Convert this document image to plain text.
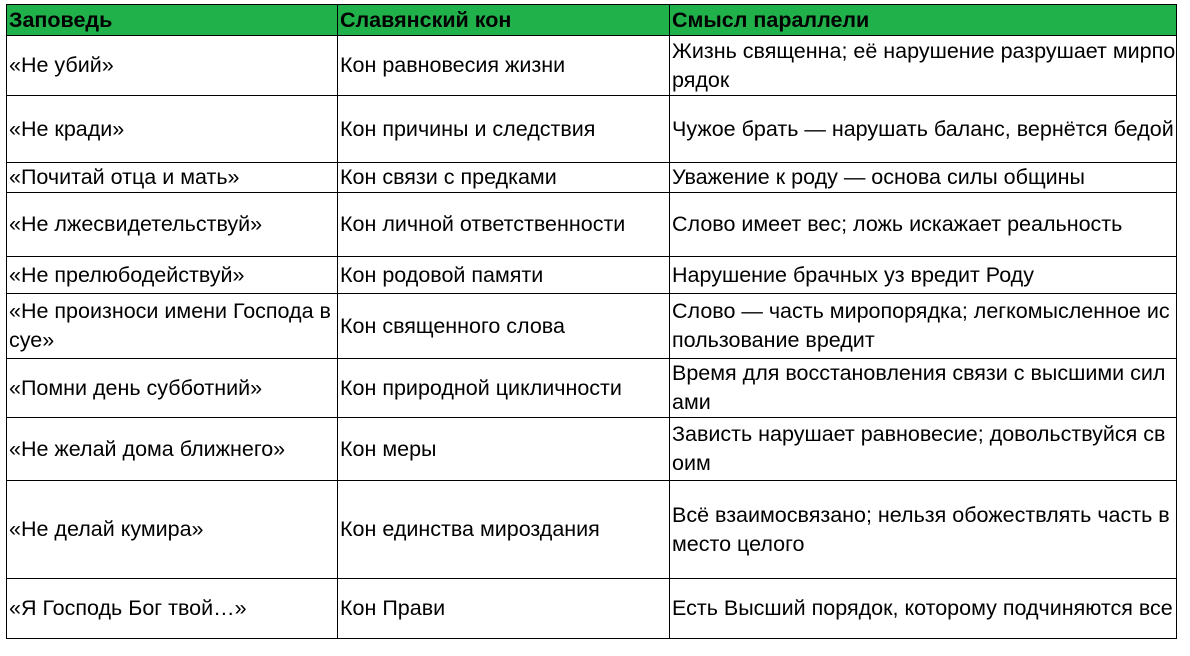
Заповедь	Славянский кон	Смысл параллели
«Не убий»	Кон равновесия жизни	Жизнь священна; её нарушение разрушает мирпорядок
«Не кради»	Кон причины и следствия	Чужое брать — нарушать баланс, вернётся бедой
«Почитай отца и мать»	Кон связи с предками	Уважение к роду — основа силы общины
«Не лжесвидетельствуй»	Кон личной ответственности	Слово имеет вес; ложь искажает реальность
«Не прелюбодействуй»	Кон родовой памяти	Нарушение брачных уз вредит Роду
«Не произноси имени Господа всуе»	Кон священного слова	Слово — часть миропорядка; легкомысленное использование вредит
«Помни день субботний»	Кон природной цикличности	Время для восстановления связи с высшими силами
«Не желай дома ближнего»	Кон меры	Зависть нарушает равновесие; довольствуйся своим
«Не делай кумира»	Кон единства мироздания	Всё взаимосвязано; нельзя обожествлять часть вместо целого
«Я Господь Бог твой…»	Кон Прави	Есть Высший порядок, которому подчиняются все
